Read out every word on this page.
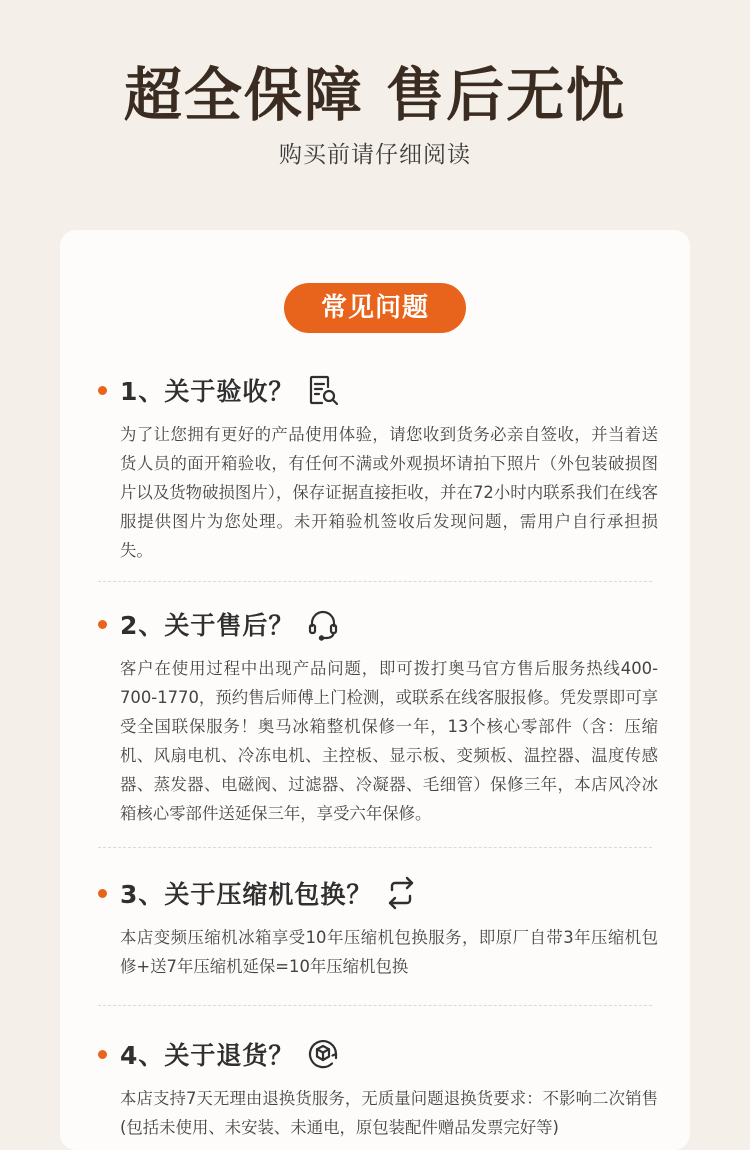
超全保障 售后无忧
购买前请仔细阅读
常见问题
1、关于验收？
为了让您拥有更好的产品使用体验，请您收到货务必亲自签收，并当着送货人员的面开箱验收，有任何不满或外观损坏请拍下照片（外包装破损图片以及货物破损图片），保存证据直接拒收，并在72小时内联系我们在线客服提供图片为您处理。未开箱验机签收后发现问题，需用户自行承担损失。
2、关于售后？
客户在使用过程中出现产品问题，即可拨打奥马官方售后服务热线400-700-1770，预约售后师傅上门检测，或联系在线客服报修。凭发票即可享受全国联保服务！奥马冰箱整机保修一年，13个核心零部件（含：压缩机、风扇电机、冷冻电机、主控板、显示板、变频板、温控器、温度传感器、蒸发器、电磁阀、过滤器、冷凝器、毛细管）保修三年，本店风冷冰箱核心零部件送延保三年，享受六年保修。
3、关于压缩机包换？
本店变频压缩机冰箱享受10年压缩机包换服务，即原厂自带3年压缩机包修+送7年压缩机延保=10年压缩机包换
4、关于退货？
本店支持7天无理由退换货服务，无质量问题退换货要求：不影响二次销售(包括未使用、未安装、未通电，原包装配件赠品发票完好等)
